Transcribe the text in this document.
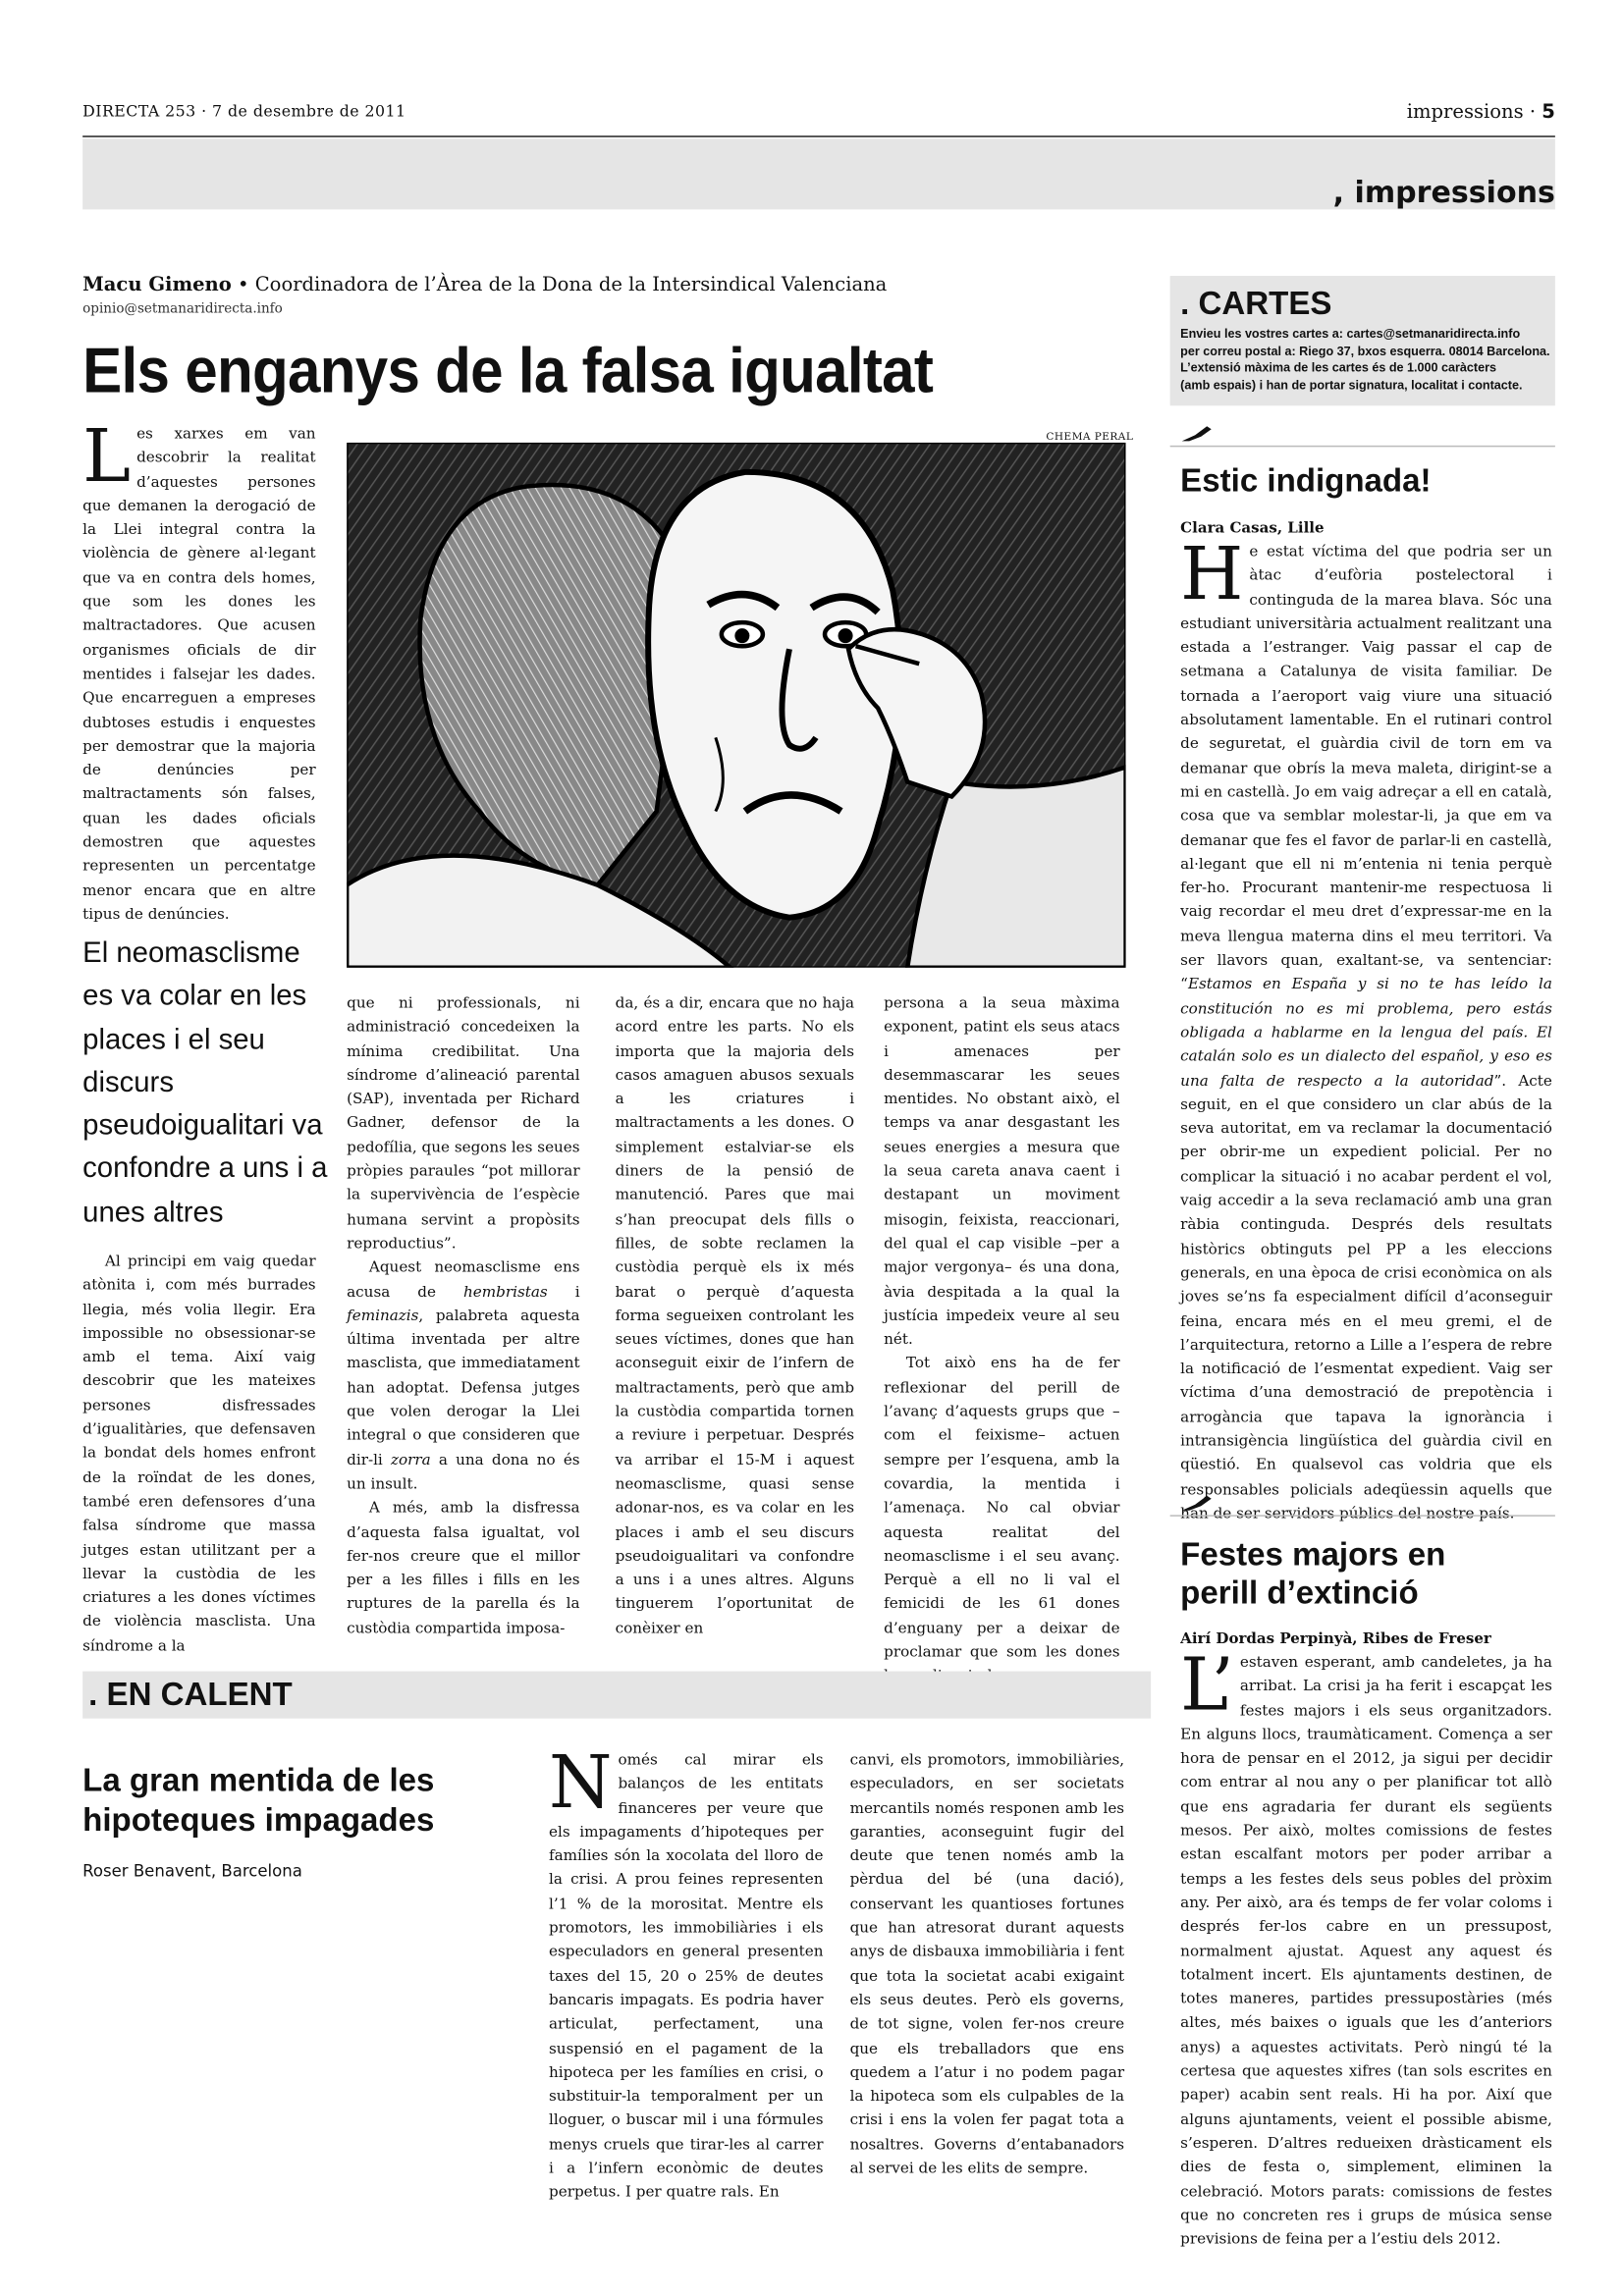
DIRECTA 253 · 7 de desembre de 2011	impressions · 5
, impressions
Macu Gimeno • Coordinadora de l’Àrea de la Dona de la Intersindical Valenciana
opinio@setmanaridirecta.info
Els enganys de la falsa igualtat

Les xarxes em van descobrir la realitat d’aquestes persones que demanen la derogació de la Llei integral contra la violència de gènere al·legant que va en contra dels homes, que som les dones les maltractadores. Que acusen organismes oficials de dir mentides i falsejar les dades. Que encarreguen a empreses dubtoses estudis i enquestes per demostrar que la majoria de denúncies per maltractaments són falses, quan les dades oficials demostren que aquestes representen un percentatge menor encara que en altre tipus de denúncies.

CHEMA PERAL
El neomasclisme es va colar en les places i el seu discurs pseudoigualitari va confondre a uns i a unes altres

Al principi em vaig quedar atònita i, com més burrades llegia, més volia llegir. Era impossible no obsessionar-se amb el tema. Així vaig descobrir que les mateixes persones disfressades d’igualitàries, que defensaven la bondat dels homes enfront de la roïndat de les dones, també eren defensores d’una falsa síndrome que massa jutges estan utilitzant per a llevar la custòdia de les criatures a les dones víctimes de violència masclista. Una síndrome a la

que ni professionals, ni administració concedeixen la mínima credibilitat. Una síndrome d’alineació parental (SAP), inventada per Richard Gadner, defensor de la pedofília, que segons les seues pròpies paraules “pot millorar la supervivència de l’espècie humana servint a propòsits reproductius”.

Aquest neomasclisme ens acusa de hembristas i feminazis, palabreta aquesta última inventada per altre masclista, que immediatament han adoptat. Defensa jutges que volen derogar la Llei integral o que consideren que dir-li zorra a una dona no és un insult.

A més, amb la disfressa d’aquesta falsa igualtat, vol fer-nos creure que el millor per a les filles i fills en les ruptures de la parella és la custòdia compartida imposa-

da, és a dir, encara que no haja acord entre les parts. No els importa que la majoria dels casos amaguen abusos sexuals a les criatures i maltractaments a les dones. O simplement estalviar-se els diners de la pensió de manutenció. Pares que mai s’han preocupat dels fills o filles, de sobte reclamen la custòdia perquè els ix més barat o perquè d’aquesta forma segueixen controlant les seues víctimes, dones que han aconseguit eixir de l’infern de maltractaments, però que amb la custòdia compartida tornen a reviure i perpetuar. Després va arribar el 15-M i aquest neomasclisme, quasi sense adonar-nos, es va colar en les places i amb el seu discurs pseudoigualitari va confondre a uns i a unes altres. Alguns tinguerem l’oportunitat de conèixer en

persona a la seua màxima exponent, patint els seus atacs i amenaces per desemmascarar les seues mentides. No obstant això, el temps va anar desgastant les seues energies a mesura que la seua careta anava caent i destapant un moviment misogin, feixista, reaccionari, del qual el cap visible –per a major vergonya– és una dona, àvia despitada a la qual la justícia impedeix veure al seu nét.

Tot això ens ha de fer reflexionar del perill de l’avanç d’aquests grups que –com el feixisme– actuen sempre per l’esquena, amb la covardia, la mentida i l’amenaça. No cal obviar aquesta realitat del neomasclisme i el seu avanç. Perquè a ell no li val el femicidi de les 61 dones d’enguany per a deixar de proclamar que som les dones

. CARTES
Envieu les vostres cartes a: cartes@setmanaridirecta.info
per correu postal a: Riego 37, bxos esquerra. 08014 Barcelona.
L’extensió màxima de les cartes és de 1.000 caràcters
(amb espais) i han de portar signatura, localitat i contacte.
Estic indignada!
Clara Casas, Lille

He estat víctima del que podria ser un àtac d’eufòria postelectoral i continguda de la marea blava. Sóc una estudiant universitària actualment realitzant una estada a l’estranger. Vaig passar el cap de setmana a Catalunya de visita familiar. De tornada a l’aeroport vaig viure una situació absolutament lamentable. En el rutinari control de seguretat, el guàrdia civil de torn em va demanar que obrís la meva maleta, dirigint-se a mi en castellà. Jo em vaig adreçar a ell en català, cosa que va semblar molestar-li, ja que em va demanar que fes el favor de parlar-li en castellà, al·legant que ell ni m’entenia ni tenia perquè fer-ho. Procurant mantenir-me respectuosa li vaig recordar el meu dret d’expressar-me en la meva llengua materna dins el meu territori. Va ser llavors quan, exaltant-se, va sentenciar: “Estamos en España y si no te has leído la constitución no es mi problema, pero estás obligada a hablarme en la lengua del país. El catalán solo es un dialecto del español, y eso es una falta de respecto a la autoridad”. Acte seguit, en el que considero un clar abús de la seva autoritat, em va reclamar la documentació per obrir-me un expedient policial. Per no complicar la situació i no acabar perdent el vol, vaig accedir a la seva reclamació amb una gran ràbia continguda. Després dels resultats històrics obtinguts pel PP a les eleccions generals, en una època de crisi econòmica on als joves se’ns fa especialment difícil d’aconseguir feina, encara més en el meu gremi, el de l’arquitectura, retorno a Lille a l’espera de rebre la notificació de l’esmentat expedient. Vaig ser víctima d’una demostració de prepotència i arrogància que tapava la ignorància i intransigència lingüística del guàrdia civil en qüestió. En qualsevol cas voldria que els responsables policials adeqüessin aquells que

Festes majors en
perill d’extinció
Airí Dordas Perpinyà, Ribes de Freser

L’ estaven esperant, amb candeletes, ja ha arribat. La crisi ja ha ferit i escapçat les festes majors i els seus organitzadors. En alguns llocs, traumàticament. Comença a ser hora de pensar en el 2012, ja sigui per decidir com entrar al nou any o per planificar tot allò que ens agradaria fer durant els següents mesos. Per això, moltes comissions de festes estan escalfant motors per poder arribar a temps a les festes dels seus pobles del pròxim any. Per això, ara és temps de fer volar coloms i després fer-los cabre en un pressupost, normalment ajustat. Aquest any aquest és totalment incert. Els ajuntaments destinen, de totes maneres, partides pressupostàries (més altes, més baixes o iguals que les d’anteriors anys) a aquestes activitats. Però ningú té la certesa que aquestes xifres (tan sols escrites en paper) acabin sent reals. Hi ha por. Així que alguns ajuntaments, veient el possible abisme, s’esperen. D’altres redueixen dràsticament els dies de festa o, simplement, eliminen la celebració. Motors parats: comissions de festes que no concreten res i grups de música sense previsions de feina per a l’estiu dels 2012.

. EN CALENT
La gran mentida de les hipoteques impagades
Roser Benavent, Barcelona

Només cal mirar els balanços de les entitats financeres per veure que els impagaments d’hipoteques per famílies són la xocolata del lloro de la crisi. A prou feines representen l’1 % de la morositat. Mentre els promotors, les immobiliàries i els especuladors en general presenten taxes del 15, 20 o 25% de deutes bancaris impagats. Es podria haver articulat, perfectament, una suspensió en el pagament de la hipoteca per les famílies en crisi, o substituir-la temporalment per un lloguer, o buscar mil i una fórmules menys cruels que tirar-les al carrer i a l’infern econòmic de deutes perpetus. I per quatre rals. En

canvi, els promotors, immobiliàries, especuladors, en ser societats mercantils només responen amb les garanties, aconseguint fugir del deute que tenen només amb la pèrdua del bé (una dació), conservant les quantioses fortunes que han atresorat durant aquests anys de disbauxa immobiliària i fent que tota la societat acabi exigaint els seus deutes. Però els governs, de tot signe, volen fer-nos creure que els treballadors que ens quedem a l’atur i no podem pagar la hipoteca som els culpables de la crisi i ens la volen fer pagat tota a nosaltres. Governs d’entabanadors al servei de les elits de sempre.
